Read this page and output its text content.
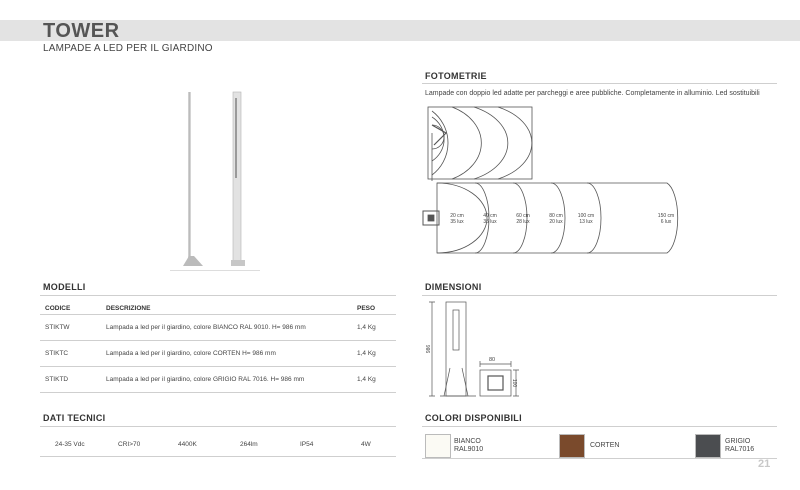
TOWER
LAMPADE A LED PER IL GIARDINO
FOTOMETRIE
Lampade con doppio led adatte per parcheggi e aree pubbliche. Completamente in alluminio. Led sostituibili
20 cm
35 lux
40 cm
35 lux
60 cm
28 lux
80 cm
20 lux
100 cm
13 lux
150 cm
6 lux
MODELLI
CODICE	DESCRIZIONE	PESO
STIKTW	Lampada a led per il giardino, colore BIANCO RAL 9010. H= 986 mm	1,4 Kg
STIKTC	Lampada a led per il giardino, colore CORTEN H= 986 mm	1,4 Kg
STIKTD	Lampada a led per il giardino, colore GRIGIO RAL 7016. H= 986 mm	1,4 Kg
DIMENSIONI
986
80
100
DATI TECNICI
24-35 Vdc	CRI>70	4400K	264lm	IP54	4W
COLORI DISPONIBILI
BIANCO
RAL9010
CORTEN
GRIGIO
RAL7016
21
